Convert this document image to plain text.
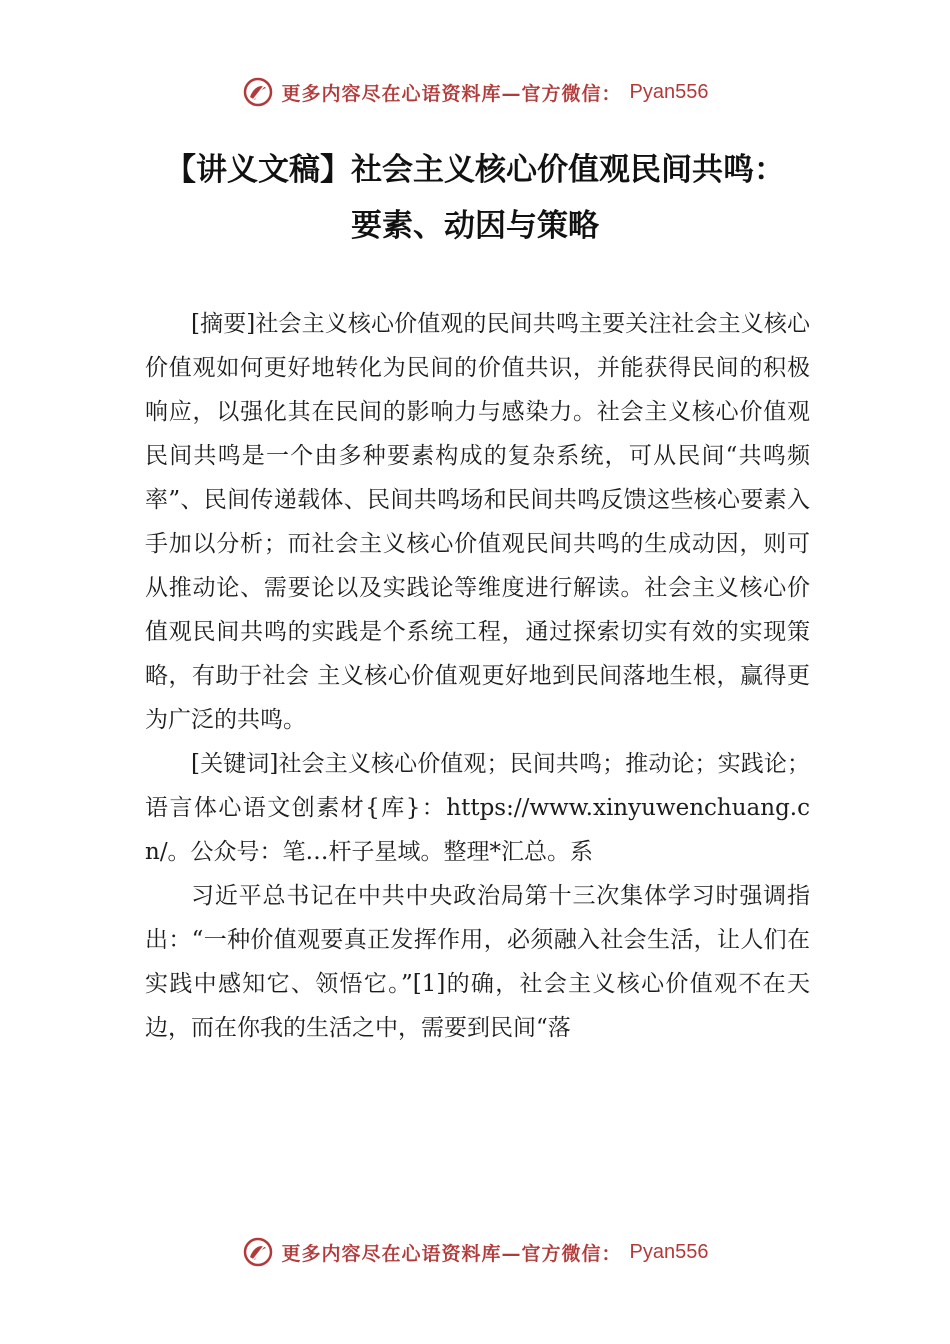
更多内容尽在心语资料库—官方微信： Pyan556
【讲义文稿】社会主义核心价值观民间共鸣：
要素、动因与策略

[摘要]社会主义核心价值观的民间共鸣主要关注社会主义核心价值观如何更好地转化为民间的价值共识，并能获得民间的积极响应，以强化其在民间的影响力与感染力。社会主义核心价值观民间共鸣是一个由多种要素构成的复杂系统，可从民间“共鸣频率”、民间传递载体、民间共鸣场和民间共鸣反馈这些核心要素入手加以分析；而社会主义核心价值观民间共鸣的生成动因，则可从推动论、需要论以及实践论等维度进行解读。社会主义核心价值观民间共鸣的实践是个系统工程，通过探索切实有效的实现策略，有助于社会 主义核心价值观更好地到民间落地生根，赢得更为广泛的共鸣。

[关键词]社会主义核心价值观；民间共鸣；推动论；实践论；语言体心语文创素材{库}：https://www.xinyuwenchuang.cn/。公众号：笔…杆子星域。整理*汇总。系

习近平总书记在中共中央政治局第十三次集体学习时强调指出：“一种价值观要真正发挥作用，必须融入社会生活，让人们在实践中感知它、领悟它。”[1]的确，社会主义核心价值观不在天边，而在你我的生活之中，需要到民间“落

更多内容尽在心语资料库—官方微信： Pyan556
